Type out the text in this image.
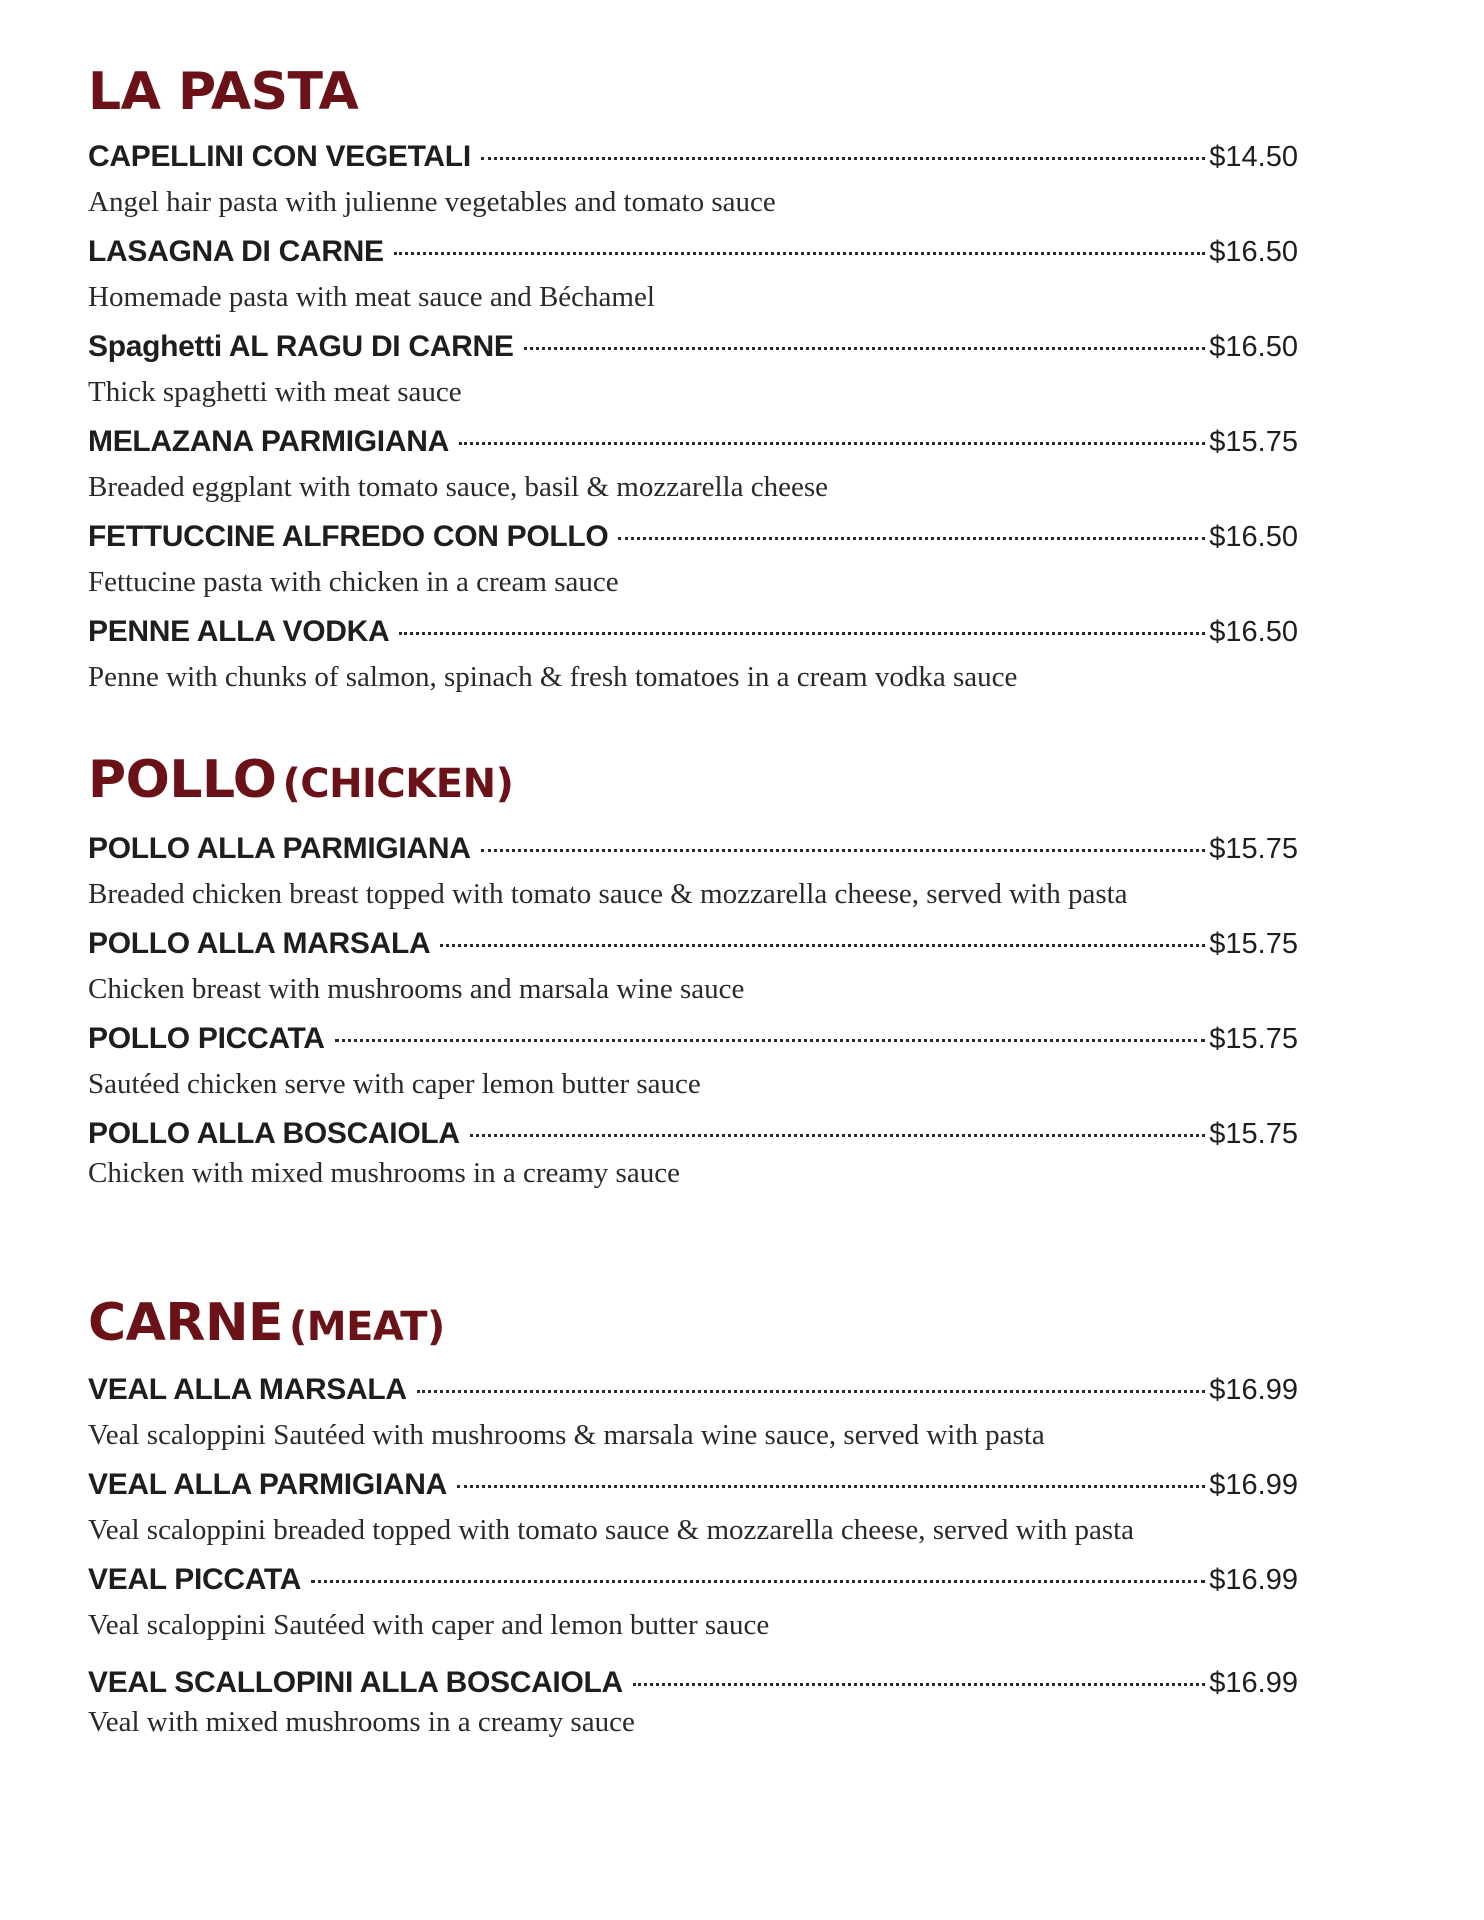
LA PASTA
CAPELLINI CON VEGETALI	$14.50
Angel hair pasta with julienne vegetables and tomato sauce
LASAGNA DI CARNE	$16.50
Homemade pasta with meat sauce and Béchamel
Spaghetti AL RAGU DI CARNE	$16.50
Thick spaghetti with meat sauce
MELAZANA PARMIGIANA	$15.75
Breaded eggplant with tomato sauce, basil & mozzarella cheese
FETTUCCINE ALFREDO CON POLLO	$16.50
Fettucine pasta with chicken in a cream sauce
PENNE ALLA VODKA	$16.50
Penne with chunks of salmon, spinach & fresh tomatoes in a cream vodka sauce
POLLO (CHICKEN)
POLLO ALLA PARMIGIANA	$15.75
Breaded chicken breast topped with tomato sauce & mozzarella cheese, served with pasta
POLLO ALLA MARSALA	$15.75
Chicken breast with mushrooms and marsala wine sauce
POLLO PICCATA	$15.75
Sautéed chicken serve with caper lemon butter sauce
POLLO ALLA BOSCAIOLA	$15.75
Chicken with mixed mushrooms in a creamy sauce
CARNE (MEAT)
VEAL ALLA MARSALA	$16.99
Veal scaloppini Sautéed with mushrooms & marsala wine sauce, served with pasta
VEAL ALLA PARMIGIANA	$16.99
Veal scaloppini breaded topped with tomato sauce & mozzarella cheese, served with pasta
VEAL PICCATA	$16.99
Veal scaloppini Sautéed with caper and lemon butter sauce
VEAL SCALLOPINI ALLA BOSCAIOLA	$16.99
Veal with mixed mushrooms in a creamy sauce
